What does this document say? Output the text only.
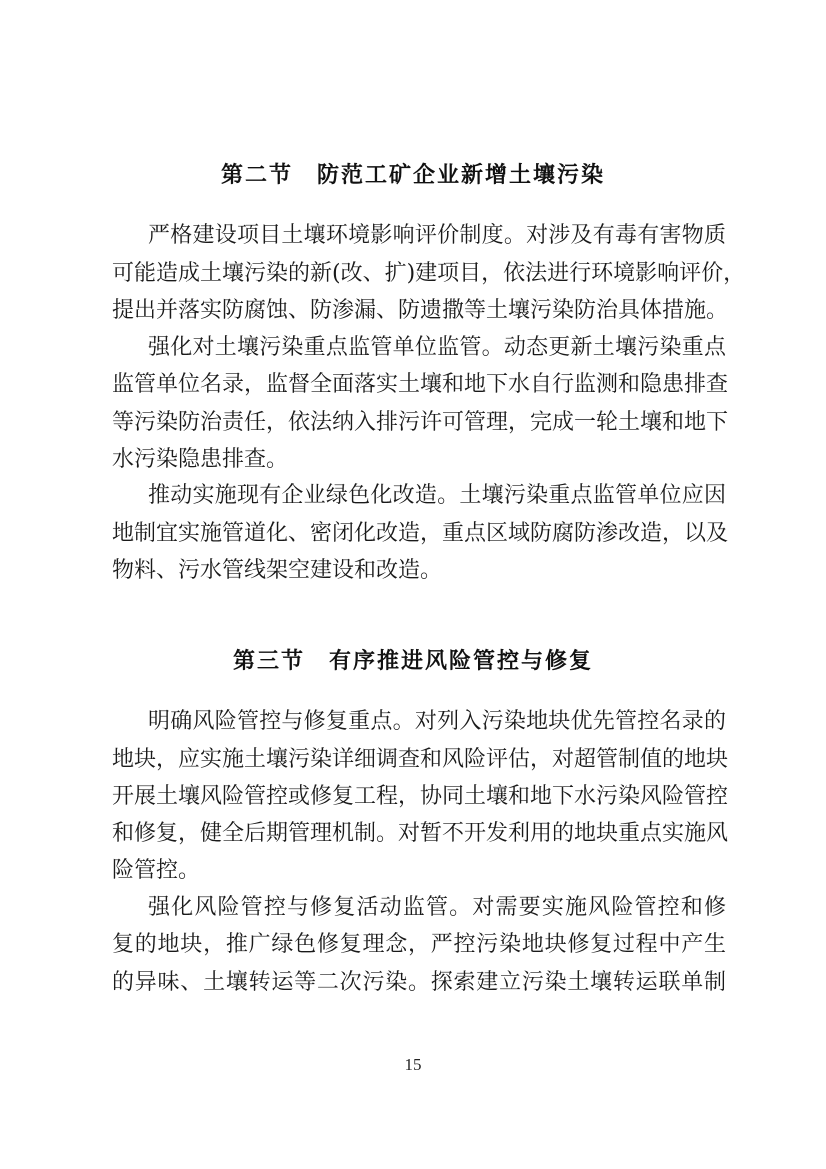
第二节　防范工矿企业新增土壤污染
严格建设项目土壤环境影响评价制度。对涉及有毒有害物质
可能造成土壤污染的新(改、扩)建项目，依法进行环境影响评价，
提出并落实防腐蚀、防渗漏、防遗撒等土壤污染防治具体措施。
强化对土壤污染重点监管单位监管。动态更新土壤污染重点
监管单位名录，监督全面落实土壤和地下水自行监测和隐患排查
等污染防治责任，依法纳入排污许可管理，完成一轮土壤和地下
水污染隐患排查。
推动实施现有企业绿色化改造。土壤污染重点监管单位应因
地制宜实施管道化、密闭化改造，重点区域防腐防渗改造，以及
物料、污水管线架空建设和改造。
第三节　有序推进风险管控与修复
明确风险管控与修复重点。对列入污染地块优先管控名录的
地块，应实施土壤污染详细调查和风险评估，对超管制值的地块
开展土壤风险管控或修复工程，协同土壤和地下水污染风险管控
和修复，健全后期管理机制。对暂不开发利用的地块重点实施风
险管控。
强化风险管控与修复活动监管。对需要实施风险管控和修
复的地块，推广绿色修复理念，严控污染地块修复过程中产生
的异味、土壤转运等二次污染。探索建立污染土壤转运联单制
15
